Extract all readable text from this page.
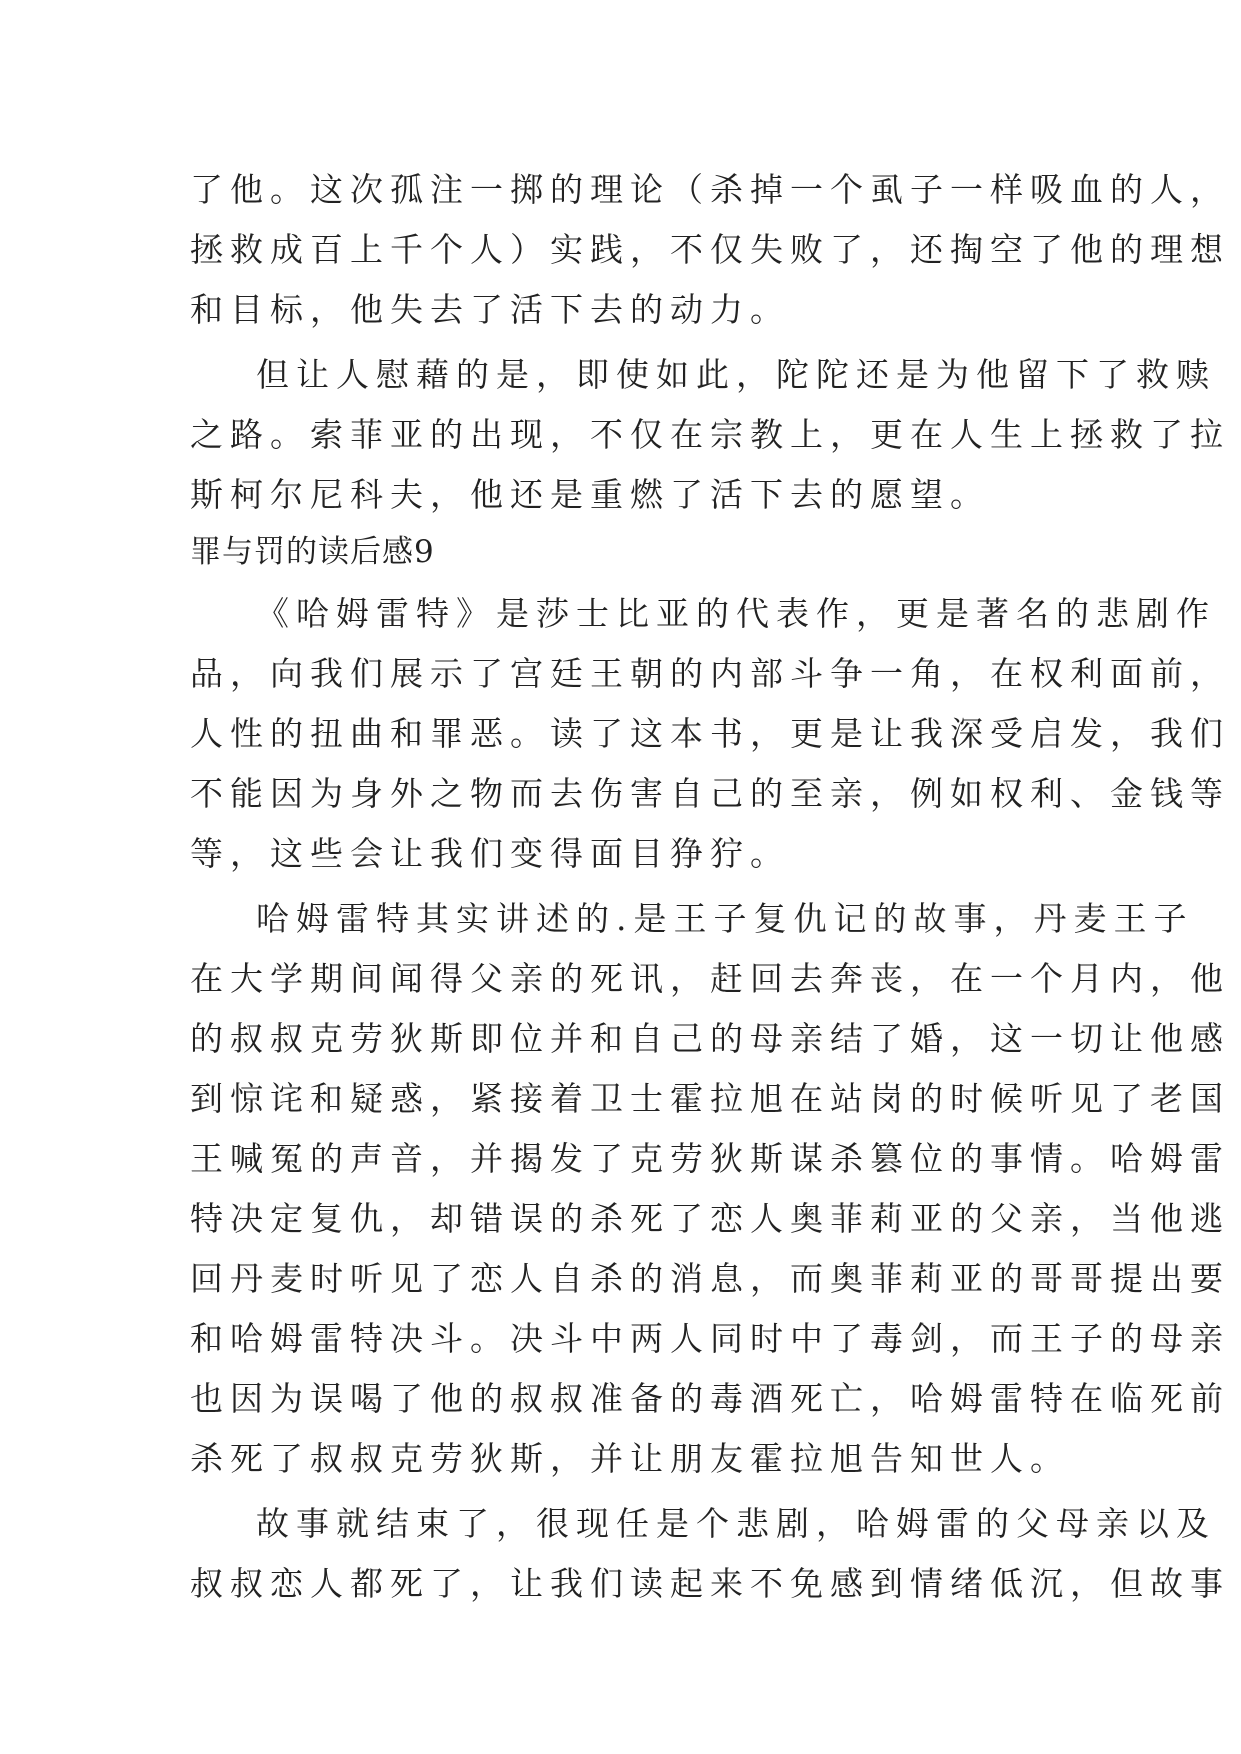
了他。这次孤注一掷的理论（杀掉一个虱子一样吸血的人，
拯救成百上千个人）实践，不仅失败了，还掏空了他的理想
和目标，他失去了活下去的动力。
但让人慰藉的是，即使如此，陀陀还是为他留下了救赎
之路。索菲亚的出现，不仅在宗教上，更在人生上拯救了拉
斯柯尔尼科夫，他还是重燃了活下去的愿望。
罪与罚的读后感9
《哈姆雷特》是莎士比亚的代表作，更是著名的悲剧作
品，向我们展示了宫廷王朝的内部斗争一角，在权利面前，
人性的扭曲和罪恶。读了这本书，更是让我深受启发，我们
不能因为身外之物而去伤害自己的至亲，例如权利、金钱等
等，这些会让我们变得面目狰狞。
哈姆雷特其实讲述的.是王子复仇记的故事，丹麦王子
在大学期间闻得父亲的死讯，赶回去奔丧，在一个月内，他
的叔叔克劳狄斯即位并和自己的母亲结了婚，这一切让他感
到惊诧和疑惑，紧接着卫士霍拉旭在站岗的时候听见了老国
王喊冤的声音，并揭发了克劳狄斯谋杀篡位的事情。哈姆雷
特决定复仇，却错误的杀死了恋人奥菲莉亚的父亲，当他逃
回丹麦时听见了恋人自杀的消息，而奥菲莉亚的哥哥提出要
和哈姆雷特决斗。决斗中两人同时中了毒剑，而王子的母亲
也因为误喝了他的叔叔准备的毒酒死亡，哈姆雷特在临死前
杀死了叔叔克劳狄斯，并让朋友霍拉旭告知世人。
故事就结束了，很现任是个悲剧，哈姆雷的父母亲以及
叔叔恋人都死了，让我们读起来不免感到情绪低沉，但故事
